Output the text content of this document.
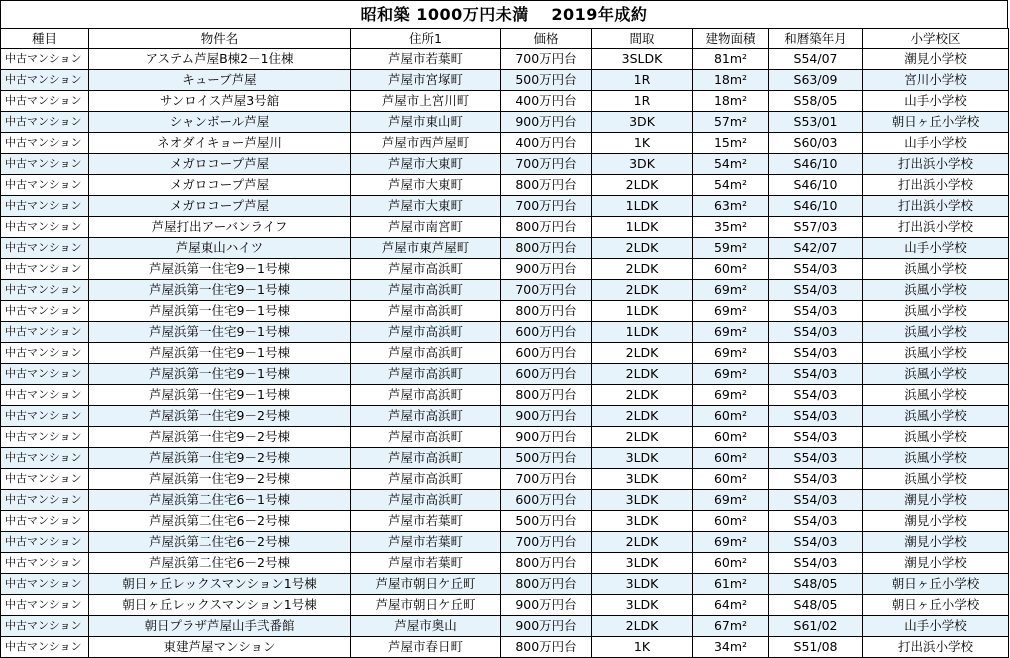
昭和築 1000万円未満　 2019年成約
種目	物件名	住所1	価格	間取	建物面積	和暦築年月	小学校区
中古マンション	アステム芦屋B棟2－1住棟	芦屋市若葉町	700万円台	3SLDK	81m²	S54/07	潮見小学校
中古マンション	キューブ芦屋	芦屋市宮塚町	500万円台	1R	18m²	S63/09	宮川小学校
中古マンション	サンロイス芦屋3号舘	芦屋市上宮川町	400万円台	1R	18m²	S58/05	山手小学校
中古マンション	シャンボール芦屋	芦屋市東山町	900万円台	3DK	57m²	S53/01	朝日ヶ丘小学校
中古マンション	ネオダイキョー芦屋川	芦屋市西芦屋町	400万円台	1K	15m²	S60/03	山手小学校
中古マンション	メガロコープ芦屋	芦屋市大東町	700万円台	3DK	54m²	S46/10	打出浜小学校
中古マンション	メガロコープ芦屋	芦屋市大東町	800万円台	2LDK	54m²	S46/10	打出浜小学校
中古マンション	メガロコープ芦屋	芦屋市大東町	700万円台	1LDK	63m²	S46/10	打出浜小学校
中古マンション	芦屋打出アーバンライフ	芦屋市南宮町	800万円台	1LDK	35m²	S57/03	打出浜小学校
中古マンション	芦屋東山ハイツ	芦屋市東芦屋町	800万円台	2LDK	59m²	S42/07	山手小学校
中古マンション	芦屋浜第一住宅9－1号棟	芦屋市高浜町	900万円台	2LDK	60m²	S54/03	浜風小学校
中古マンション	芦屋浜第一住宅9－1号棟	芦屋市高浜町	700万円台	2LDK	69m²	S54/03	浜風小学校
中古マンション	芦屋浜第一住宅9－1号棟	芦屋市高浜町	800万円台	1LDK	69m²	S54/03	浜風小学校
中古マンション	芦屋浜第一住宅9－1号棟	芦屋市高浜町	600万円台	1LDK	69m²	S54/03	浜風小学校
中古マンション	芦屋浜第一住宅9－1号棟	芦屋市高浜町	600万円台	2LDK	69m²	S54/03	浜風小学校
中古マンション	芦屋浜第一住宅9－1号棟	芦屋市高浜町	600万円台	2LDK	69m²	S54/03	浜風小学校
中古マンション	芦屋浜第一住宅9－1号棟	芦屋市高浜町	800万円台	2LDK	69m²	S54/03	浜風小学校
中古マンション	芦屋浜第一住宅9－2号棟	芦屋市高浜町	900万円台	2LDK	60m²	S54/03	浜風小学校
中古マンション	芦屋浜第一住宅9－2号棟	芦屋市高浜町	900万円台	2LDK	60m²	S54/03	浜風小学校
中古マンション	芦屋浜第一住宅9－2号棟	芦屋市高浜町	500万円台	3LDK	60m²	S54/03	浜風小学校
中古マンション	芦屋浜第一住宅9－2号棟	芦屋市高浜町	700万円台	3LDK	60m²	S54/03	浜風小学校
中古マンション	芦屋浜第二住宅6－1号棟	芦屋市高浜町	600万円台	3LDK	69m²	S54/03	潮見小学校
中古マンション	芦屋浜第二住宅6－2号棟	芦屋市若葉町	500万円台	3LDK	60m²	S54/03	潮見小学校
中古マンション	芦屋浜第二住宅6－2号棟	芦屋市若葉町	700万円台	2LDK	69m²	S54/03	潮見小学校
中古マンション	芦屋浜第二住宅6－2号棟	芦屋市若葉町	800万円台	3LDK	60m²	S54/03	潮見小学校
中古マンション	朝日ヶ丘レックスマンション1号棟	芦屋市朝日ケ丘町	800万円台	3LDK	61m²	S48/05	朝日ヶ丘小学校
中古マンション	朝日ヶ丘レックスマンション1号棟	芦屋市朝日ケ丘町	900万円台	3LDK	64m²	S48/05	朝日ヶ丘小学校
中古マンション	朝日プラザ芦屋山手弐番館	芦屋市奥山	900万円台	2LDK	67m²	S61/02	山手小学校
中古マンション	東建芦屋マンション	芦屋市春日町	800万円台	1K	34m²	S51/08	打出浜小学校
